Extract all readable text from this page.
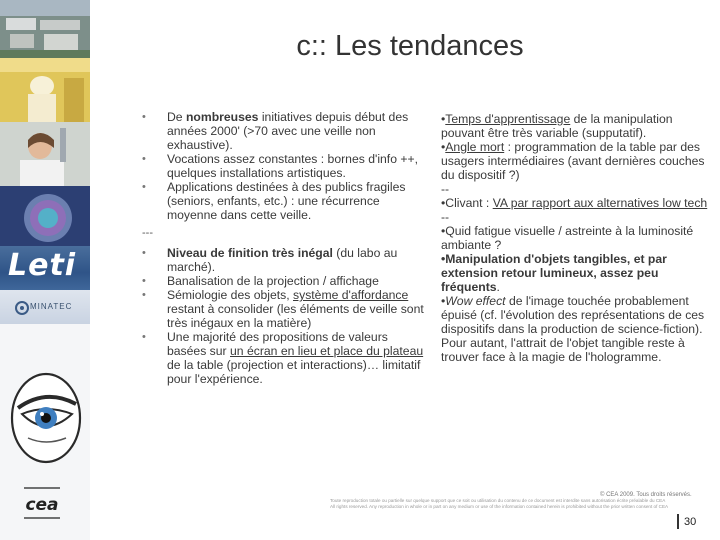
Leti
MINATEC
cea
c:: Les tendances
• De nombreuses initiatives depuis début des années 2000' (>70 avec une veille non exhaustive).
• Vocations assez constantes : bornes d'info ++, quelques installations artistiques.
• Applications destinées à des publics fragiles (seniors, enfants, etc.) : une récurrence moyenne dans cette veille.
---
• Niveau de finition très inégal (du labo au marché).
• Banalisation de la projection / affichage
• Sémiologie des objets, système d'affordance restant à consolider (les éléments de veille sont très inégaux en la matière)
• Une majorité des propositions de valeurs basées sur un écran en lieu et place du plateau de la table (projection et interactions)… limitatif pour l'expérience.

•Temps d'apprentissage de la manipulation pouvant être très variable (supputatif).

•Angle mort : programmation de la table par des usagers intermédiaires (avant dernières couches du dispositif ?)

--

•Clivant : VA par rapport aux alternatives low tech

--

•Quid fatigue visuelle / astreinte à la luminosité ambiante ?

•Manipulation d'objets tangibles, et par extension retour lumineux, assez peu fréquents.

•Wow effect de l'image touchée probablement épuisé (cf. l'évolution des représentations de ces dispositifs dans la production de science-fiction). Pour autant, l'attrait de l'objet tangible reste à trouver face à la magie de l'hologramme.

© CEA 2009. Tous droits réservés.
Toute reproduction totale ou partielle sur quelque support que ce soit ou utilisation du contenu de ce document est interdite sans autorisation écrite préalable du CEA
All rights reserved. Any reproduction in whole or in part on any medium or use of the information contained herein is prohibited without the prior written consent of CEA
30
